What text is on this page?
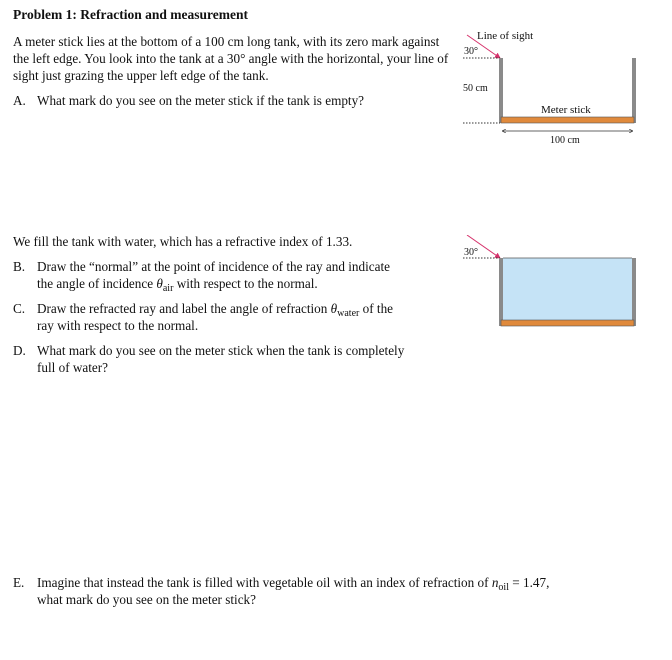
Problem 1: Refraction and measurement
A meter stick lies at the bottom of a 100 cm long tank, with its zero mark against the left edge. You look into the tank at a 30° angle with the horizontal, your line of sight just grazing the upper left edge of the tank.
A. What mark do you see on the meter stick if the tank is empty?
We fill the tank with water, which has a refractive index of 1.33.
B. Draw the “normal” at the point of incidence of the ray and indicate
the angle of incidence $\theta_{air}$ with respect to the normal.
C. Draw the refracted ray and label the angle of refraction $\theta_{water}$ of the
ray with respect to the normal.
D. What mark do you see on the meter stick when the tank is completely
full of water?
E. Imagine that instead the tank is filled with vegetable oil with an index of refraction of $n_{oil} = 1.47$,
what mark do you see on the meter stick?
Line of sight
30°
Meter stick
50 cm
100 cm
30°
